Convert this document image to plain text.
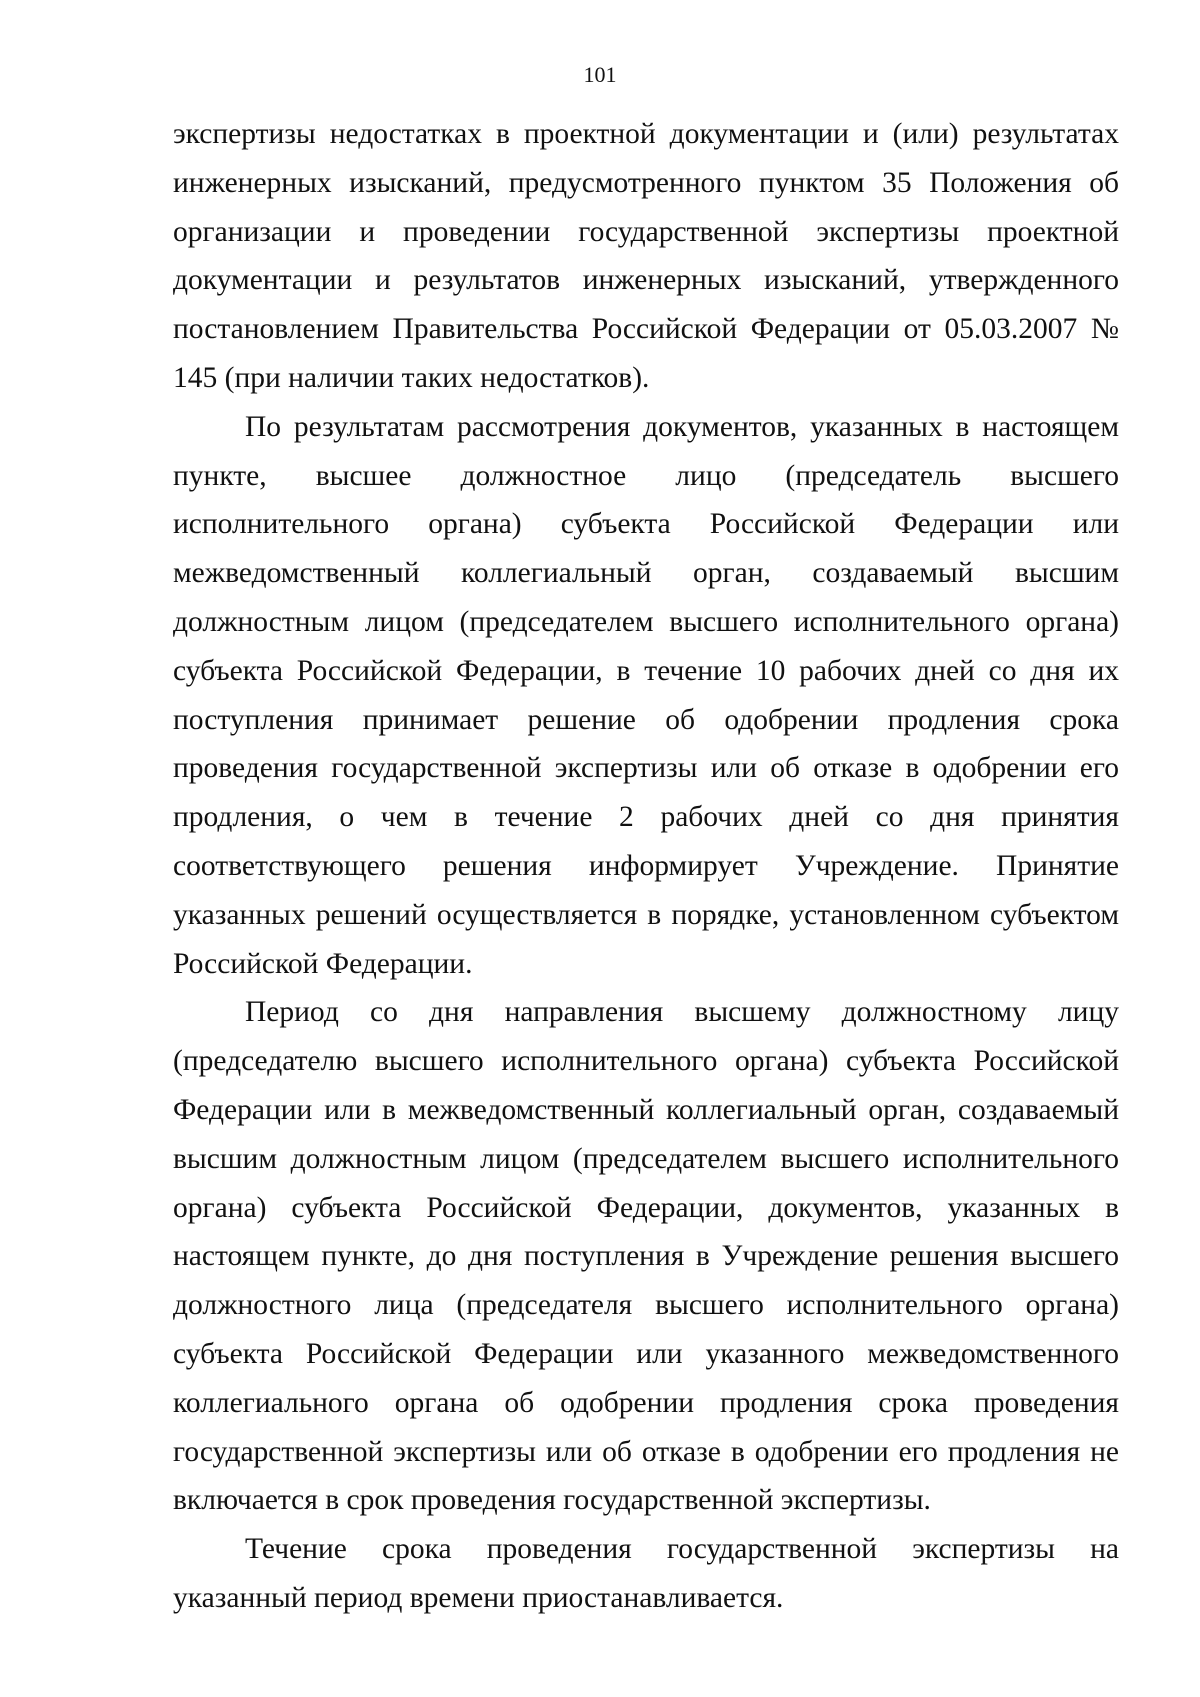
101

экспертизы недостатках в проектной документации и (или) результатах инженерных изысканий, предусмотренного пунктом 35 Положения об организации и проведении государственной экспертизы проектной документации и результатов инженерных изысканий, утвержденного постановлением Правительства Российской Федерации от 05.03.2007 № 145 (при наличии таких недостатков).

По результатам рассмотрения документов, указанных в настоящем пункте, высшее должностное лицо (председатель высшего исполнительного органа) субъекта Российской Федерации или межведомственный коллегиальный орган, создаваемый высшим должностным лицом (председателем высшего исполнительного органа) субъекта Российской Федерации, в течение 10 рабочих дней со дня их поступления принимает решение об одобрении продления срока проведения государственной экспертизы или об отказе в одобрении его продления, о чем в течение 2 рабочих дней со дня принятия соответствующего решения информирует Учреждение. Принятие указанных решений осуществляется в порядке, установленном субъектом Российской Федерации.

Период со дня направления высшему должностному лицу (председателю высшего исполнительного органа) субъекта Российской Федерации или в межведомственный коллегиальный орган, создаваемый высшим должностным лицом (председателем высшего исполнительного органа) субъекта Российской Федерации, документов, указанных в настоящем пункте, до дня поступления в Учреждение решения высшего должностного лица (председателя высшего исполнительного органа) субъекта Российской Федерации или указанного межведомственного коллегиального органа об одобрении продления срока проведения государственной экспертизы или об отказе в одобрении его продления не включается в срок проведения государственной экспертизы.

Течение срока проведения государственной экспертизы на указанный период времени приостанавливается.
